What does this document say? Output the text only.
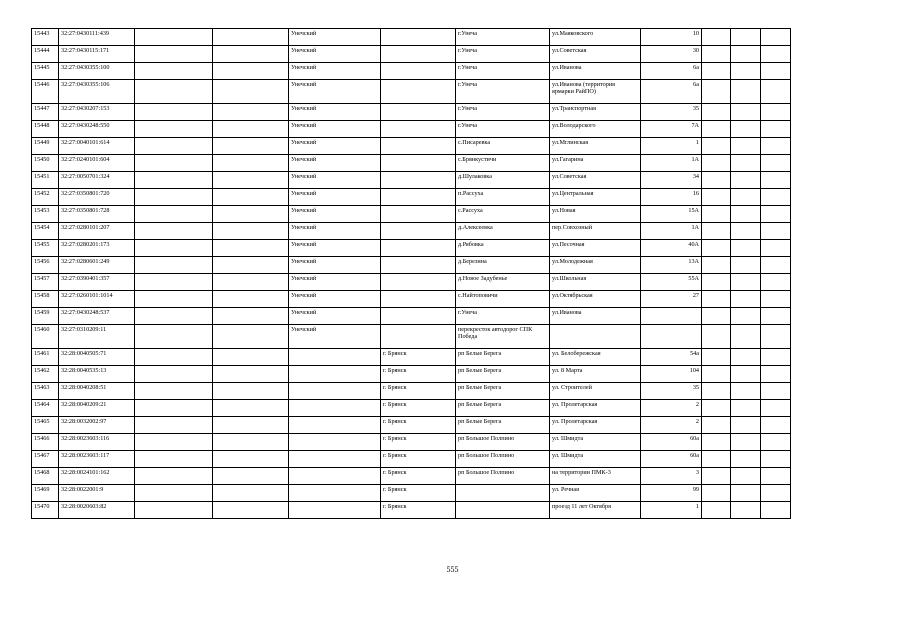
15443	32:27:0430111:439			Унечский		г.Унеча	ул.Маяковского	10			
15444	32:27:0430115:171			Унечский		г.Унеча	ул.Советская	30			
15445	32:27:0430355:100			Унечский		г.Унеча	ул.Иванова	6а			
15446	32:27:0430355:106			Унечский		г.Унеча	ул.Иванова (территория ярмарки РайПО)	6а			
15447	32:27:0430207:153			Унечский		г.Унеча	ул.Транспортная	35			
15448	32:27:0430248:550			Унечский		г.Унеча	ул.Володарского	7А			
15449	32:27:0040101:614			Унечский		с.Писаревка	ул.Мглинская	1			
15450	32:27:0240101:604			Унечский		с.Брянкустичи	ул.Гагарина	1А			
15451	32:27:0050701:324			Унечский		д.Шулаковка	ул.Советская	34			
15452	32:27:0350801:720			Унечский		п.Рассуха	ул.Центральная	16			
15453	32:27:0350801:728			Унечский		с.Рассуха	ул.Новая	15А			
15454	32:27:0280101:207			Унечский		д.Алексеевка	пер.Совхозный	1А			
15455	32:27:0280201:173			Унечский		д.Рябовка	ул.Песочная	40А			
15456	32:27:0280601:249			Унечский		д.Березина	ул.Молодежная	13А			
15457	32:27:0390401:357			Унечский		д.Новое Задубенье	ул.Школьная	55А			
15458	32:27:0260101:1014			Унечский		с.Найтоповичи	ул.Октябрьская	27			
15459	32:27:0430248:537			Унечский		г.Унеча	ул.Иванова				
15460	32:27:0310209:11			Унечский		перекресток автодорог СПК Победа					
15461	32:28:0040505:71				г. Брянск	рп Белые Берега	ул. Белобережская	54а			
15462	32:28:0040535:13				г. Брянск	рп Белые Берега	ул. 8 Марта	104			
15463	32:28:0040208:51				г. Брянск	рп Белые Берега	ул. Строителей	35			
15464	32:28:0040209:21				г. Брянск	рп Белые Берега	ул. Пролетарская	2			
15465	32:28:0032002:97				г. Брянск	рп Белые Берега	ул. Пролетарская	2			
15466	32:28:0023603:116				г. Брянск	рп Большое Полпино	ул. Шмидта	60а			
15467	32:28:0023603:117				г. Брянск	рп Большое Полпино	ул. Шмидта	60а			
15468	32:28:0024101:162				г. Брянск	рп Большое Полпино	на территории ПМК-3	3			
15469	32:28:0022001:9				г. Брянск		ул. Речная	99			
15470	32:28:0020603:82				г. Брянск		проезд 11 лет Октября	1			
555
